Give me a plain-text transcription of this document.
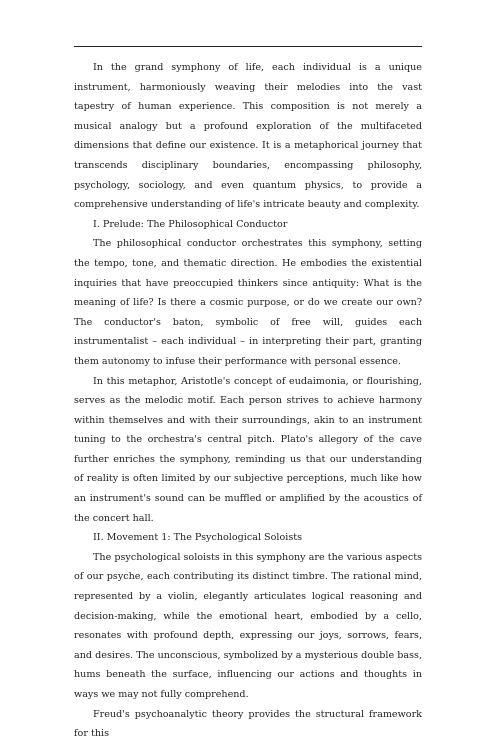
In the grand symphony of life, each individual is a unique instrument, harmoniously weaving their melodies into the vast tapestry of human experience. This composition is not merely a musical analogy but a profound exploration of the multifaceted dimensions that define our existence. It is a metaphorical journey that transcends disciplinary boundaries, encompassing philosophy, psychology, sociology, and even quantum physics, to provide a comprehensive understanding of life's intricate beauty and complexity.

I. Prelude: The Philosophical Conductor

The philosophical conductor orchestrates this symphony, setting the tempo, tone, and thematic direction. He embodies the existential inquiries that have preoccupied thinkers since antiquity: What is the meaning of life? Is there a cosmic purpose, or do we create our own? The conductor's baton, symbolic of free will, guides each instrumentalist – each individual – in interpreting their part, granting them autonomy to infuse their performance with personal essence.

In this metaphor, Aristotle's concept of eudaimonia, or flourishing, serves as the melodic motif. Each person strives to achieve harmony within themselves and with their surroundings, akin to an instrument tuning to the orchestra's central pitch. Plato's allegory of the cave further enriches the symphony, reminding us that our understanding of reality is often limited by our subjective perceptions, much like how an instrument's sound can be muffled or amplified by the acoustics of the concert hall.

II. Movement 1: The Psychological Soloists

The psychological soloists in this symphony are the various aspects of our psyche, each contributing its distinct timbre. The rational mind, represented by a violin, elegantly articulates logical reasoning and decision-making, while the emotional heart, embodied by a cello, resonates with profound depth, expressing our joys, sorrows, fears, and desires. The unconscious, symbolized by a mysterious double bass, hums beneath the surface, influencing our actions and thoughts in ways we may not fully comprehend.

Freud's psychoanalytic theory provides the structural framework for this
